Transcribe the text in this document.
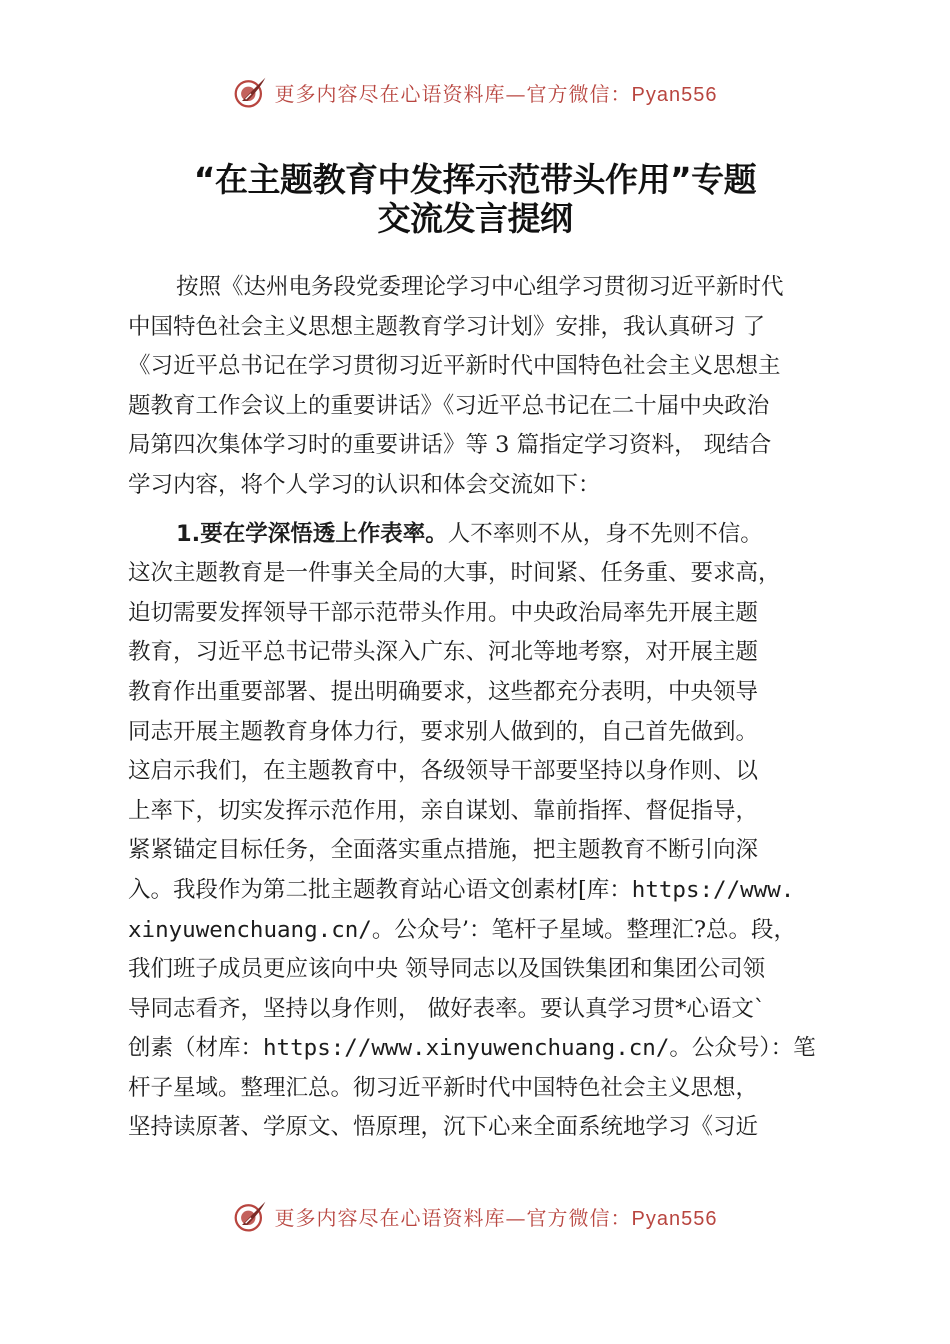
更多内容尽在心语资料库—官方微信：Pyan556
“在主题教育中发挥示范带头作用”专题
交流发言提纲
按照《达州电务段党委理论学习中心组学习贯彻习近平新时代
中国特色社会主义思想主题教育学习计划》安排，我认真研习 了
《习近平总书记在学习贯彻习近平新时代中国特色社会主义思想主
题教育工作会议上的重要讲话》《习近平总书记在二十届中央政治
局第四次集体学习时的重要讲话》等 3 篇指定学习资料， 现结合
学习内容，将个人学习的认识和体会交流如下：
1.要在学深悟透上作表率。人不率则不从，身不先则不信。
这次主题教育是一件事关全局的大事，时间紧、任务重、要求高，
迫切需要发挥领导干部示范带头作用。中央政治局率先开展主题
教育，习近平总书记带头深入广东、河北等地考察，对开展主题
教育作出重要部署、提出明确要求，这些都充分表明，中央领导
同志开展主题教育身体力行，要求别人做到的，自己首先做到。
这启示我们，在主题教育中，各级领导干部要坚持以身作则、以
上率下，切实发挥示范作用，亲自谋划、靠前指挥、督促指导，
紧紧锚定目标任务，全面落实重点措施，把主题教育不断引向深
入。我段作为第二批主题教育站心语文创素材[库：https://www.
xinyuwenchuang.cn/。公众号’：笔杆子星域。整理汇?总。段，
我们班子成员更应该向中央 领导同志以及国铁集团和集团公司领
导同志看齐，坚持以身作则， 做好表率。要认真学习贯*心语文`
创素（材库：https://www.xinyuwenchuang.cn/。公众号）：笔
杆子星域。整理汇总。彻习近平新时代中国特色社会主义思想，
坚持读原著、学原文、悟原理，沉下心来全面系统地学习《习近
更多内容尽在心语资料库—官方微信：Pyan556
